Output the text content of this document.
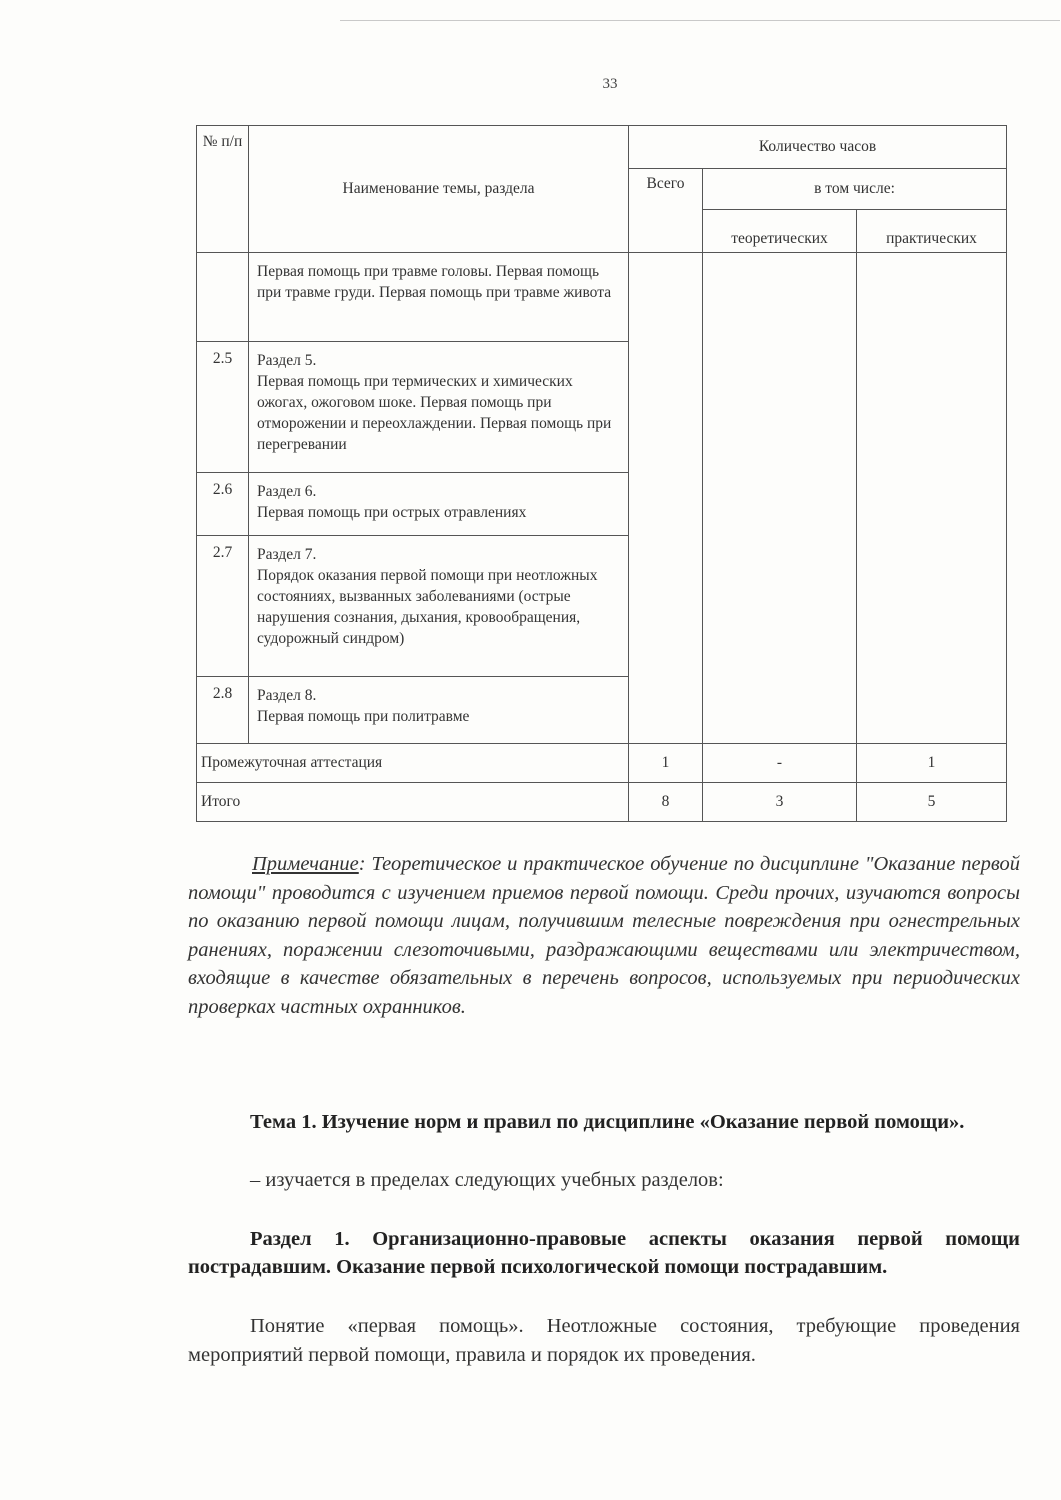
33
№ п/п	Наименование темы, раздела	Количество часов		
		Всего	в том числе:	
			теоретических	практических

	Первая помощь при травме головы. Первая помощь при травме груди. Первая помощь при травме живота			

2.5	Раздел 5.
Первая помощь при термических и химических ожогах, ожоговом шоке. Первая помощь при отморожении и переохлаждении. Первая помощь при перегревании			

2.6	Раздел 6.
Первая помощь при острых отравлениях			

2.7	Раздел 7.
Порядок оказания первой помощи при неотложных состояниях, вызванных заболеваниями (острые нарушения сознания, дыхания, кровообращения, судорожный синдром)			

2.8	Раздел 8.
Первая помощь при политравме			

Промежуточная аттестация		1	-	1
Итого		8	3	5
Примечание: Теоретическое и практическое обучение по дисциплине "Оказание первой помощи" проводится с изучением приемов первой помощи. Среди прочих, изучаются вопросы по оказанию первой помощи лицам, получившим телесные повреждения при огнестрельных ранениях, поражении слезоточивыми, раздражающими веществами или электричеством, входящие в качестве обязательных в перечень вопросов, используемых при периодических проверках частных охранников.
Тема 1. Изучение норм и правил по дисциплине «Оказание первой помощи».
– изучается в пределах следующих учебных разделов:
Раздел 1. Организационно-правовые аспекты оказания первой помощи пострадавшим. Оказание первой психологической помощи пострадавшим.
Понятие «первая помощь». Неотложные состояния, требующие проведения мероприятий первой помощи, правила и порядок их проведения.
